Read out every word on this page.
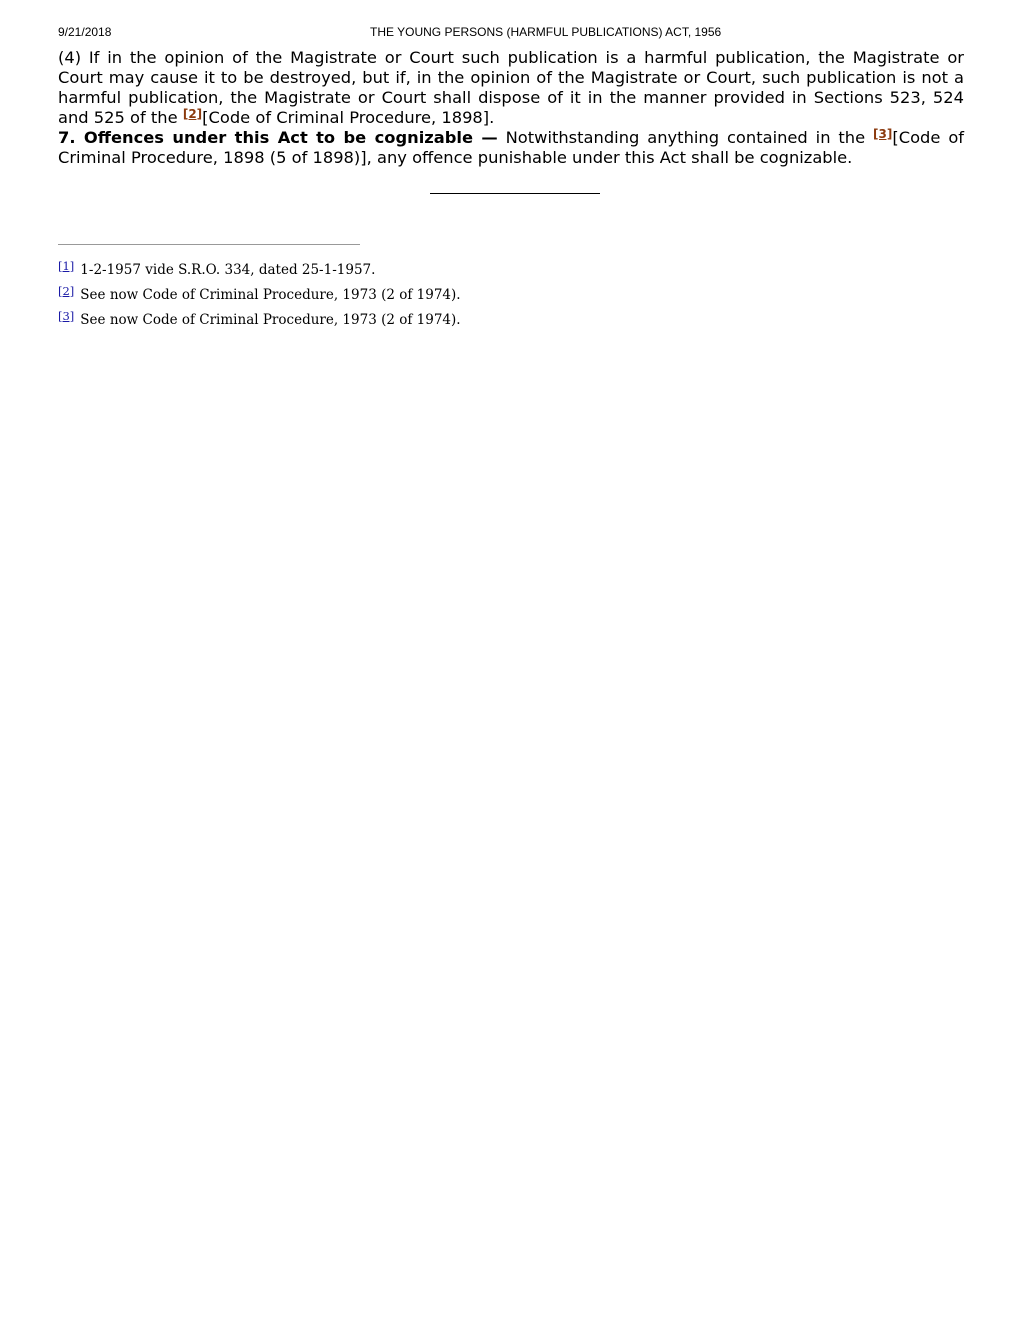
9/21/2018	THE YOUNG PERSONS (HARMFUL PUBLICATIONS) ACT, 1956

(4) If in the opinion of the Magistrate or Court such publication is a harmful publication, the Magistrate or Court may cause it to be destroyed, but if, in the opinion of the Magistrate or Court, such publication is not a harmful publication, the Magistrate or Court shall dispose of it in the manner provided in Sections 523, 524 and 525 of the [2][Code of Criminal Procedure, 1898].

7. Offences under this Act to be cognizable — Notwithstanding anything contained in the [3][Code of Criminal Procedure, 1898 (5 of 1898)], any offence punishable under this Act shall be cognizable.

[1] 1-2-1957 vide S.R.O. 334, dated 25-1-1957.
[2] See now Code of Criminal Procedure, 1973 (2 of 1974).
[3] See now Code of Criminal Procedure, 1973 (2 of 1974).
